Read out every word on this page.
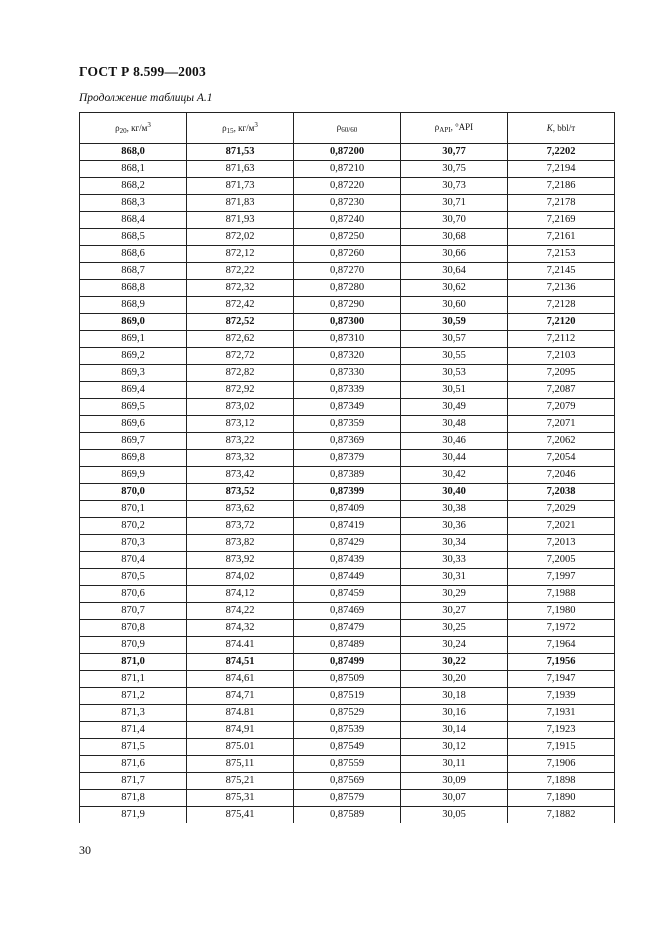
ГОСТ Р 8.599—2003
Продолжение таблицы А.1
$\rho_{20}$, $кг/м^3$	$\rho_{15}$, $кг/м^3$	$\rho_{60/60}$	$\rho_{API}$, °API	K, bbl/т
868,0	871,53	0,87200	30,77	7,2202
868,1	871,63	0,87210	30,75	7,2194
868,2	871,73	0,87220	30,73	7,2186
868,3	871,83	0,87230	30,71	7,2178
868,4	871,93	0,87240	30,70	7,2169
868,5	872,02	0,87250	30,68	7,2161
868,6	872,12	0,87260	30,66	7,2153
868,7	872,22	0,87270	30,64	7,2145
868,8	872,32	0,87280	30,62	7,2136
868,9	872,42	0,87290	30,60	7,2128
869,0	872,52	0,87300	30,59	7,2120
869,1	872,62	0,87310	30,57	7,2112
869,2	872,72	0,87320	30,55	7,2103
869,3	872,82	0,87330	30,53	7,2095
869,4	872,92	0,87339	30,51	7,2087
869,5	873,02	0,87349	30,49	7,2079
869,6	873,12	0,87359	30,48	7,2071
869,7	873,22	0,87369	30,46	7,2062
869,8	873,32	0,87379	30,44	7,2054
869,9	873,42	0,87389	30,42	7,2046
870,0	873,52	0,87399	30,40	7,2038
870,1	873,62	0,87409	30,38	7,2029
870,2	873,72	0,87419	30,36	7,2021
870,3	873,82	0,87429	30,34	7,2013
870,4	873,92	0,87439	30,33	7,2005
870,5	874,02	0,87449	30,31	7,1997
870,6	874,12	0,87459	30,29	7,1988
870,7	874,22	0,87469	30,27	7,1980
870,8	874,32	0,87479	30,25	7,1972
870,9	874.41	0,87489	30,24	7,1964
871,0	874,51	0,87499	30,22	7,1956
871,1	874,61	0,87509	30,20	7,1947
871,2	874,71	0,87519	30,18	7,1939
871,3	874.81	0,87529	30,16	7,1931
871,4	874,91	0,87539	30,14	7,1923
871,5	875.01	0,87549	30,12	7,1915
871,6	875,11	0,87559	30,11	7,1906
871,7	875,21	0,87569	30,09	7,1898
871,8	875,31	0,87579	30,07	7,1890
871,9	875,41	0,87589	30,05	7,1882
30
